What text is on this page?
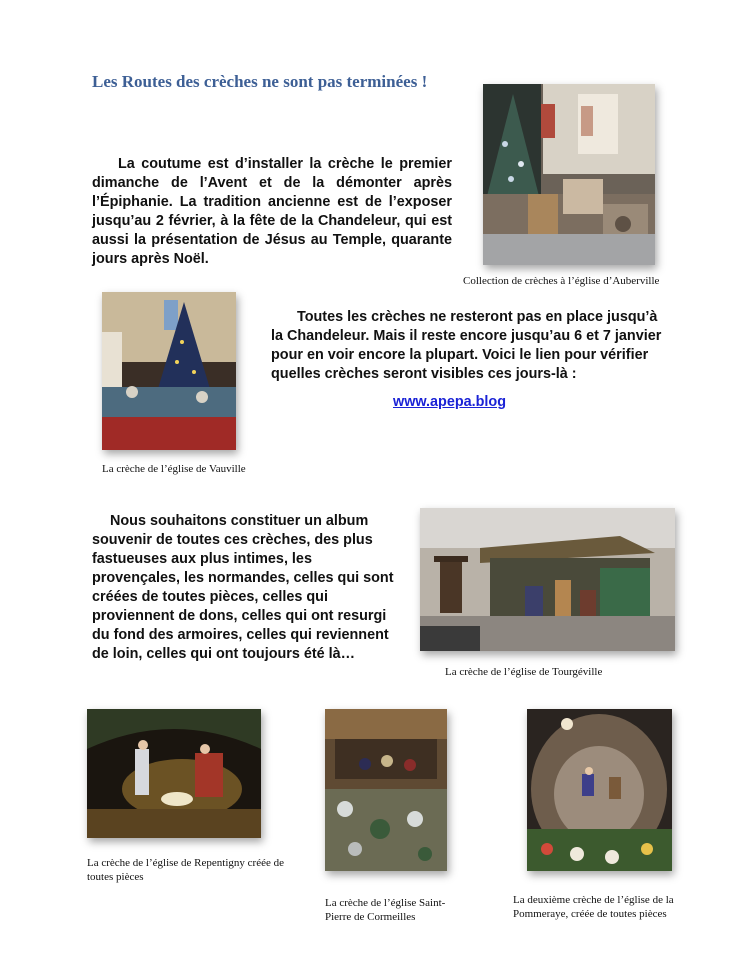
Les Routes des crèches ne sont pas terminées !

La coutume est d’installer la crèche le premier dimanche de l’Avent et de la démonter après l’Épiphanie. La tradition ancienne est de l’exposer jusqu’au 2 février, à la fête de la Chandeleur, qui est aussi la présentation de Jésus au Temple, quarante jours après Noël.

Collection de crèches à l’église d’Auberville

La crèche de l’église de Vauville

Toutes les crèches ne resteront pas en place jusqu’à la Chandeleur. Mais il reste encore jusqu’au 6 et 7 janvier pour en voir encore la plupart. Voici le lien pour vérifier quelles crèches seront visibles ces jours-là :

www.apepa.blog

Nous souhaitons constituer un album souvenir de toutes ces crèches, des plus fastueuses aux plus intimes, les provençales, les normandes, celles qui sont créées de toutes pièces, celles qui proviennent de dons, celles qui ont resurgi du fond des armoires, celles qui reviennent de loin, celles qui ont toujours été là…

La crèche de l’église de Tourgéville

La crèche de l’église de Repentigny créée de toutes pièces

La crèche de l’église Saint-Pierre de Cormeilles

La deuxième crèche de l’église de la Pommeraye, créée de toutes pièces
